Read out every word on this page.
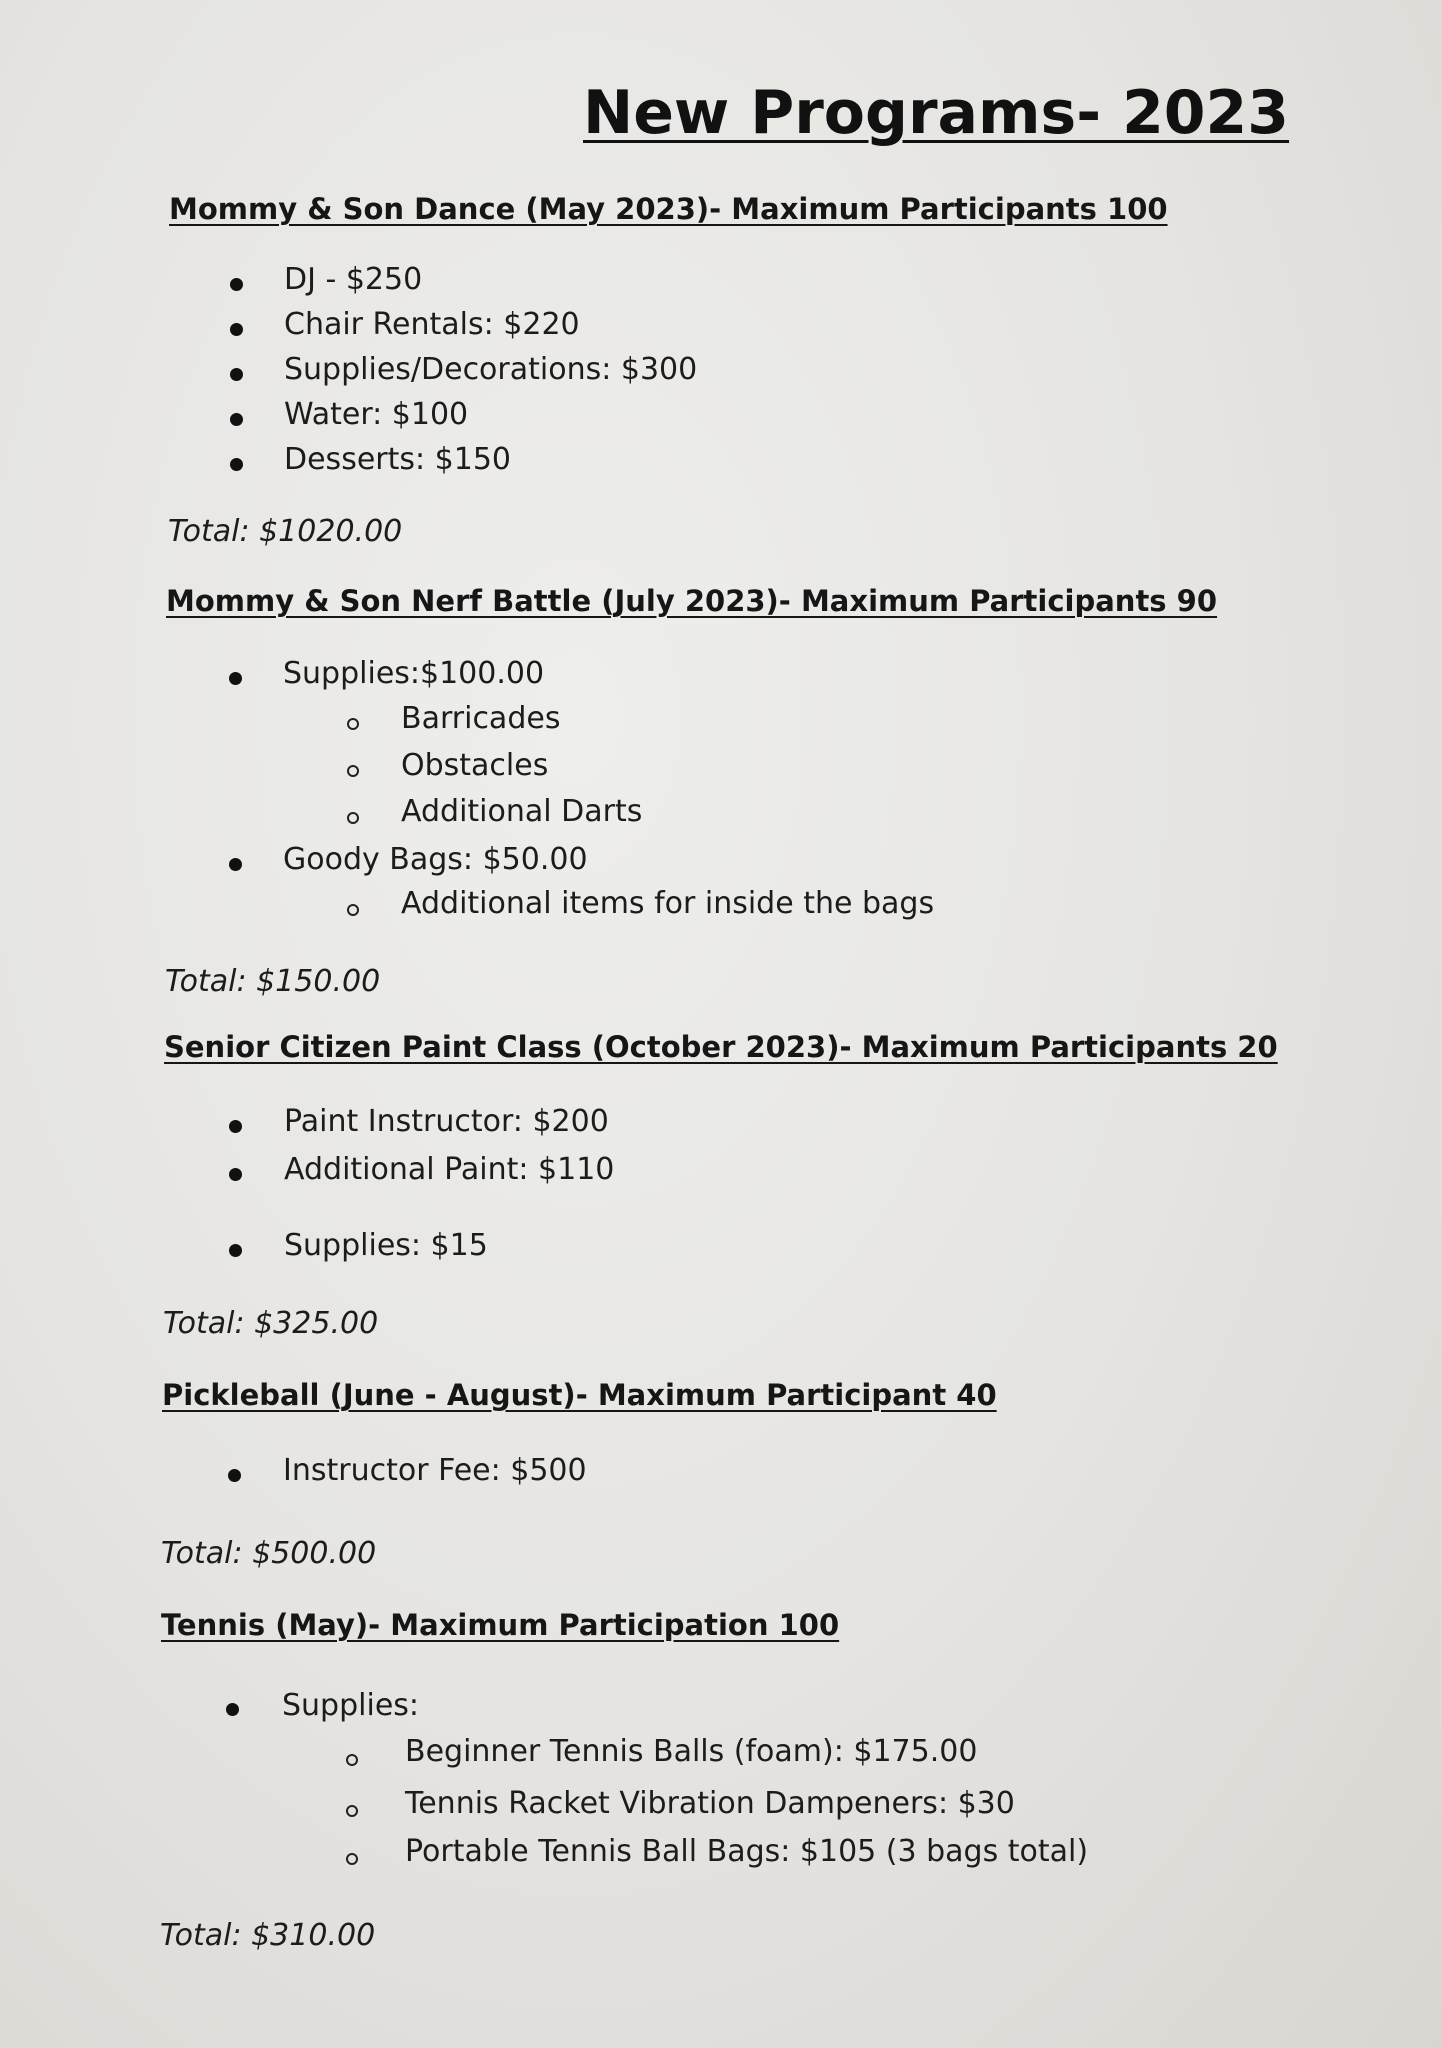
New Programs- 2023
Mommy & Son Dance (May 2023)- Maximum Participants 100
DJ - $250
Chair Rentals: $220
Supplies/Decorations: $300
Water: $100
Desserts: $150
Total: $1020.00
Mommy & Son Nerf Battle (July 2023)- Maximum Participants 90
Supplies:$100.00
Barricades
Obstacles
Additional Darts
Goody Bags: $50.00
Additional items for inside the bags
Total: $150.00
Senior Citizen Paint Class (October 2023)- Maximum Participants 20
Paint Instructor: $200
Additional Paint: $110
Supplies: $15
Total: $325.00
Pickleball (June - August)- Maximum Participant 40
Instructor Fee: $500
Total: $500.00
Tennis (May)- Maximum Participation 100
Supplies:
Beginner Tennis Balls (foam): $175.00
Tennis Racket Vibration Dampeners: $30
Portable Tennis Ball Bags: $105 (3 bags total)
Total: $310.00
